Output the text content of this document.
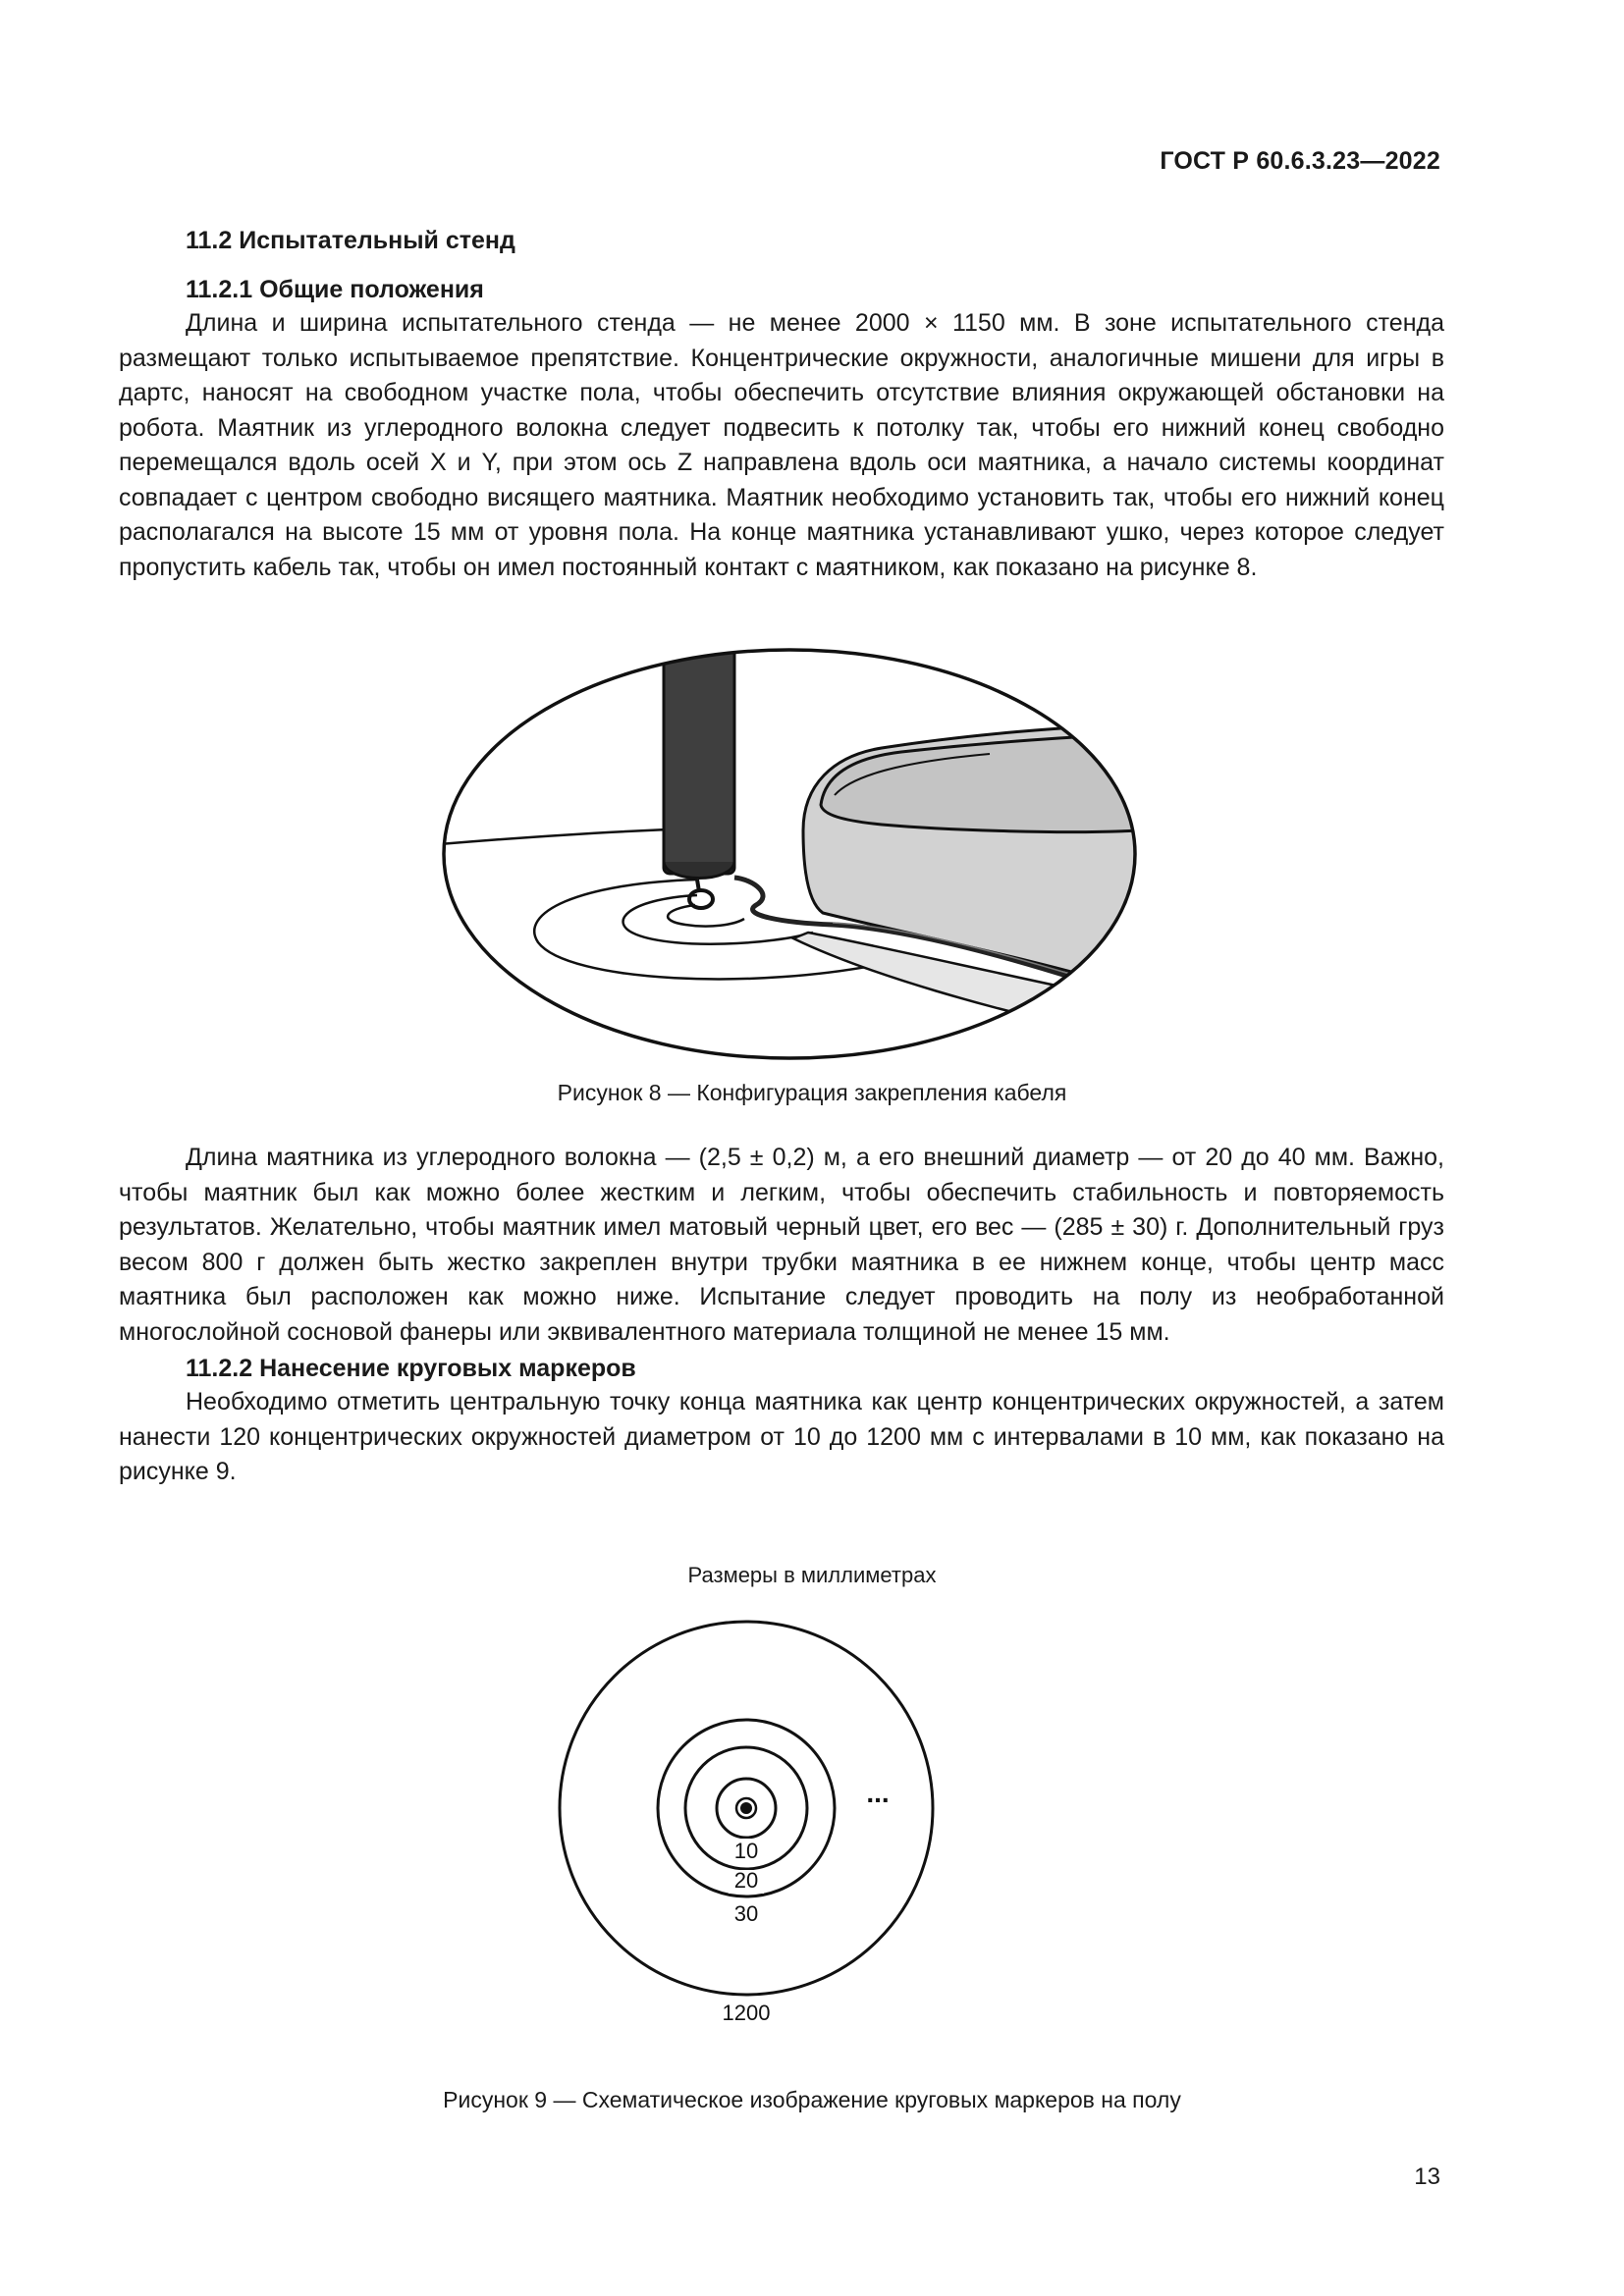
ГОСТ Р 60.6.3.23—2022
11.2 Испытательный стенд
11.2.1 Общие положения

Длина и ширина испытательного стенда — не менее 2000 × 1150 мм. В зоне испытательного стенда размещают только испытываемое препятствие. Концентрические окружности, аналогичные мишени для игры в дартс, наносят на свободном участке пола, чтобы обеспечить отсутствие влияния окружающей обстановки на робота. Маятник из углеродного волокна следует подвесить к потолку так, чтобы его нижний конец свободно перемещался вдоль осей X и Y, при этом ось Z направлена вдоль оси маятника, а начало системы координат совпадает с центром свободно висящего маятника. Маятник необходимо установить так, чтобы его нижний конец располагался на высоте 15 мм от уровня пола. На конце маятника устанавливают ушко, через которое следует пропустить кабель так, чтобы он имел постоянный контакт с маятником, как показано на рисунке 8.

Рисунок 8 — Конфигурация закрепления кабеля

Длина маятника из углеродного волокна — (2,5 ± 0,2) м, а его внешний диаметр — от 20 до 40 мм. Важно, чтобы маятник был как можно более жестким и легким, чтобы обеспечить стабильность и повторяемость результатов. Желательно, чтобы маятник имел матовый черный цвет, его вес — (285 ± 30) г. Дополнительный груз весом 800 г должен быть жестко закреплен внутри трубки маятника в ее нижнем конце, чтобы центр масс маятника был расположен как можно ниже. Испытание следует проводить на полу из необработанной многослойной сосновой фанеры или эквивалентного материала толщиной не менее 15 мм.

11.2.2 Нанесение круговых маркеров

Необходимо отметить центральную точку конца маятника как центр концентрических окружностей, а затем нанести 120 концентрических окружностей диаметром от 10 до 1200 мм с интервалами в 10 мм, как показано на рисунке 9.

Размеры в миллиметрах
10
20
30
...
1200
Рисунок 9 — Схематическое изображение круговых маркеров на полу
13
